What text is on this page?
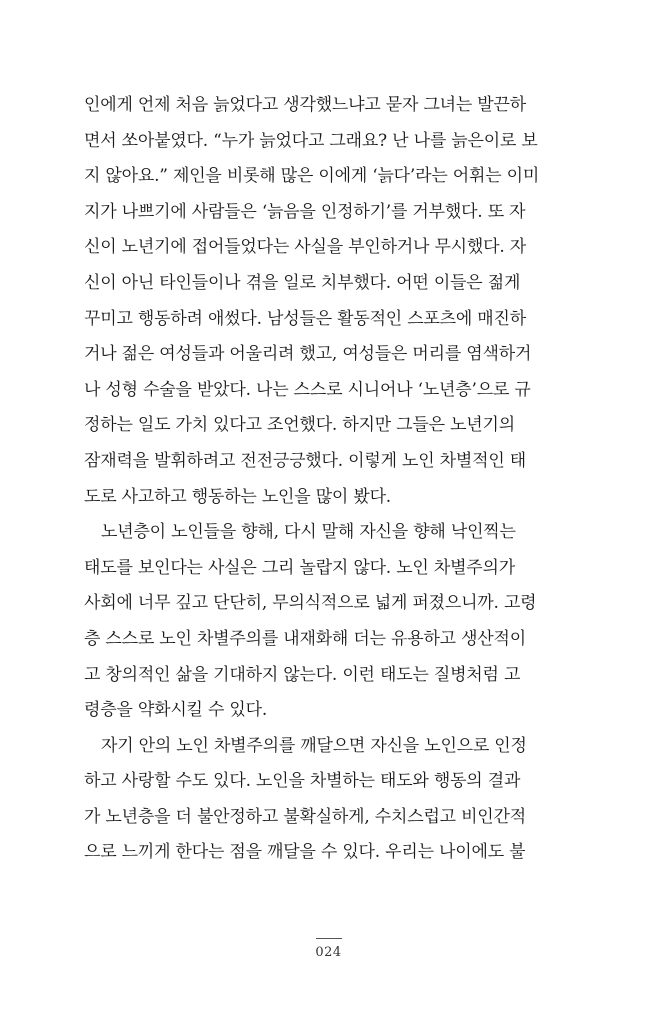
인에게 언제 처음 늙었다고 생각했느냐고 묻자 그녀는 발끈하
면서 쏘아붙였다. “누가 늙었다고 그래요? 난 나를 늙은이로 보
지 않아요.” 제인을 비롯해 많은 이에게 ‘늙다’라는 어휘는 이미
지가 나쁘기에 사람들은 ‘늙음을 인정하기’를 거부했다. 또 자
신이 노년기에 접어들었다는 사실을 부인하거나 무시했다. 자
신이 아닌 타인들이나 겪을 일로 치부했다. 어떤 이들은 젊게
꾸미고 행동하려 애썼다. 남성들은 활동적인 스포츠에 매진하
거나 젊은 여성들과 어울리려 했고, 여성들은 머리를 염색하거
나 성형 수술을 받았다. 나는 스스로 시니어나 ‘노년층’으로 규
정하는 일도 가치 있다고 조언했다. 하지만 그들은 노년기의
잠재력을 발휘하려고 전전긍긍했다. 이렇게 노인 차별적인 태
도로 사고하고 행동하는 노인을 많이 봤다.
노년층이 노인들을 향해, 다시 말해 자신을 향해 낙인찍는
태도를 보인다는 사실은 그리 놀랍지 않다. 노인 차별주의가
사회에 너무 깊고 단단히, 무의식적으로 넓게 퍼졌으니까. 고령
층 스스로 노인 차별주의를 내재화해 더는 유용하고 생산적이
고 창의적인 삶을 기대하지 않는다. 이런 태도는 질병처럼 고
령층을 약화시킬 수 있다.
자기 안의 노인 차별주의를 깨달으면 자신을 노인으로 인정
하고 사랑할 수도 있다. 노인을 차별하는 태도와 행동의 결과
가 노년층을 더 불안정하고 불확실하게, 수치스럽고 비인간적
으로 느끼게 한다는 점을 깨달을 수 있다. 우리는 나이에도 불
024
